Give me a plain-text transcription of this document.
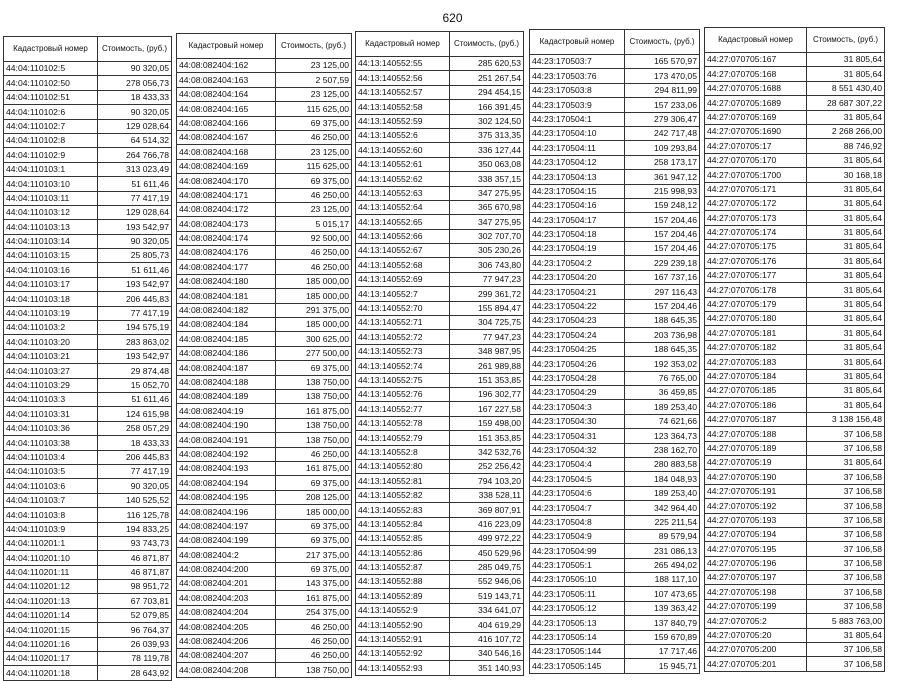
620
Кадастровый номер	Стоимость, (руб.)
44:04:110102:5	90 320,05
44:04:110102:50	278 056,73
44:04:110102:51	18 433,33
44:04:110102:6	90 320,05
44:04:110102:7	129 028,64
44:04:110102:8	64 514,32
44:04:110102:9	264 766,78
44:04:110103:1	313 023,49
44:04:110103:10	51 611,46
44:04:110103:11	77 417,19
44:04:110103:12	129 028,64
44:04:110103:13	193 542,97
44:04:110103:14	90 320,05
44:04:110103:15	25 805,73
44:04:110103:16	51 611,46
44:04:110103:17	193 542,97
44:04:110103:18	206 445,83
44:04:110103:19	77 417,19
44:04:110103:2	194 575,19
44:04:110103:20	283 863,02
44:04:110103:21	193 542,97
44:04:110103:27	29 874,48
44:04:110103:29	15 052,70
44:04:110103:3	51 611,46
44:04:110103:31	124 615,98
44:04:110103:36	258 057,29
44:04:110103:38	18 433,33
44:04:110103:4	206 445,83
44:04:110103:5	77 417,19
44:04:110103:6	90 320,05
44:04:110103:7	140 525,52
44:04:110103:8	116 125,78
44:04:110103:9	194 833,25
44:04:110201:1	93 743,73
44:04:110201:10	46 871,87
44:04:110201:11	46 871,87
44:04:110201:12	98 951,72
44:04:110201:13	67 703,81
44:04:110201:14	52 079,85
44:04:110201:15	96 764,37
44:04:110201:16	26 039,93
44:04:110201:17	78 119,78
44:04:110201:18	28 643,92
Кадастровый номер	Стоимость, (руб.)
44:08:082404:162	23 125,00
44:08:082404:163	2 507,59
44:08:082404:164	23 125,00
44:08:082404:165	115 625,00
44:08:082404:166	69 375,00
44:08:082404:167	46 250,00
44:08:082404:168	23 125,00
44:08:082404:169	115 625,00
44:08:082404:170	69 375,00
44:08:082404:171	46 250,00
44:08:082404:172	23 125,00
44:08:082404:173	5 015,17
44:08:082404:174	92 500,00
44:08:082404:176	46 250,00
44:08:082404:177	46 250,00
44:08:082404:180	185 000,00
44:08:082404:181	185 000,00
44:08:082404:182	291 375,00
44:08:082404:184	185 000,00
44:08:082404:185	300 625,00
44:08:082404:186	277 500,00
44:08:082404:187	69 375,00
44:08:082404:188	138 750,00
44:08:082404:189	138 750,00
44:08:082404:19	161 875,00
44:08:082404:190	138 750,00
44:08:082404:191	138 750,00
44:08:082404:192	46 250,00
44:08:082404:193	161 875,00
44:08:082404:194	69 375,00
44:08:082404:195	208 125,00
44:08:082404:196	185 000,00
44:08:082404:197	69 375,00
44:08:082404:199	69 375,00
44:08:082404:2	217 375,00
44:08:082404:200	69 375,00
44:08:082404:201	143 375,00
44:08:082404:203	161 875,00
44:08:082404:204	254 375,00
44:08:082404:205	46 250,00
44:08:082404:206	46 250,00
44:08:082404:207	46 250,00
44:08:082404:208	138 750,00
Кадастровый номер	Стоимость, (руб.)
44:13:140552:55	285 620,53
44:13:140552:56	251 267,54
44:13:140552:57	294 454,15
44:13:140552:58	166 391,45
44:13:140552:59	302 124,50
44:13:140552:6	375 313,35
44:13:140552:60	336 127,44
44:13:140552:61	350 063,08
44:13:140552:62	338 357,15
44:13:140552:63	347 275,95
44:13:140552:64	365 670,98
44:13:140552:65	347 275,95
44:13:140552:66	302 707,70
44:13:140552:67	305 230,26
44:13:140552:68	306 743,80
44:13:140552:69	77 947,23
44:13:140552:7	299 361,72
44:13:140552:70	155 894,47
44:13:140552:71	304 725,75
44:13:140552:72	77 947,23
44:13:140552:73	348 987,95
44:13:140552:74	261 989,88
44:13:140552:75	151 353,85
44:13:140552:76	196 302,77
44:13:140552:77	167 227,58
44:13:140552:78	159 498,00
44:13:140552:79	151 353,85
44:13:140552:8	342 532,76
44:13:140552:80	252 256,42
44:13:140552:81	794 103,20
44:13:140552:82	338 528,11
44:13:140552:83	369 807,91
44:13:140552:84	416 223,09
44:13:140552:85	499 972,22
44:13:140552:86	450 529,96
44:13:140552:87	285 049,75
44:13:140552:88	552 946,06
44:13:140552:89	519 143,71
44:13:140552:9	334 641,07
44:13:140552:90	404 619,29
44:13:140552:91	416 107,72
44:13:140552:92	340 546,16
44:13:140552:93	351 140,93
Кадастровый номер	Стоимость, (руб.)
44:23:170503:7	165 570,97
44:23:170503:76	173 470,05
44:23:170503:8	294 811,99
44:23:170503:9	157 233,06
44:23:170504:1	279 306,47
44:23:170504:10	242 717,48
44:23:170504:11	109 293,84
44:23:170504:12	258 173,17
44:23:170504:13	361 947,12
44:23:170504:15	215 998,93
44:23:170504:16	159 248,12
44:23:170504:17	157 204,46
44:23:170504:18	157 204,46
44:23:170504:19	157 204,46
44:23:170504:2	229 239,18
44:23:170504:20	167 737,16
44:23:170504:21	297 116,43
44:23:170504:22	157 204,46
44:23:170504:23	188 645,35
44:23:170504:24	203 736,98
44:23:170504:25	188 645,35
44:23:170504:26	192 353,02
44:23:170504:28	76 765,00
44:23:170504:29	36 459,85
44:23:170504:3	189 253,40
44:23:170504:30	74 621,66
44:23:170504:31	123 364,73
44:23:170504:32	238 162,70
44:23:170504:4	280 883,58
44:23:170504:5	184 048,93
44:23:170504:6	189 253,40
44:23:170504:7	342 964,40
44:23:170504:8	225 211,54
44:23:170504:9	89 579,94
44:23:170504:99	231 086,13
44:23:170505:1	265 494,02
44:23:170505:10	188 117,10
44:23:170505:11	107 473,65
44:23:170505:12	139 363,42
44:23:170505:13	137 840,79
44:23:170505:14	159 670,89
44:23:170505:144	17 717,46
44:23:170505:145	15 945,71
Кадастровый номер	Стоимость, (руб.)
44:27:070705:167	31 805,64
44:27:070705:168	31 805,64
44:27:070705:1688	8 551 430,40
44:27:070705:1689	28 687 307,22
44:27:070705:169	31 805,64
44:27:070705:1690	2 268 266,00
44:27:070705:17	88 746,92
44:27:070705:170	31 805,64
44:27:070705:1700	30 168,18
44:27:070705:171	31 805,64
44:27:070705:172	31 805,64
44:27:070705:173	31 805,64
44:27:070705:174	31 805,64
44:27:070705:175	31 805,64
44:27:070705:176	31 805,64
44:27:070705:177	31 805,64
44:27:070705:178	31 805,64
44:27:070705:179	31 805,64
44:27:070705:180	31 805,64
44:27:070705:181	31 805,64
44:27:070705:182	31 805,64
44:27:070705:183	31 805,64
44:27:070705:184	31 805,64
44:27:070705:185	31 805,64
44:27:070705:186	31 805,64
44:27:070705:187	3 138 156,48
44:27:070705:188	37 106,58
44:27:070705:189	37 106,58
44:27:070705:19	31 805,64
44:27:070705:190	37 106,58
44:27:070705:191	37 106,58
44:27:070705:192	37 106,58
44:27:070705:193	37 106,58
44:27:070705:194	37 106,58
44:27:070705:195	37 106,58
44:27:070705:196	37 106,58
44:27:070705:197	37 106,58
44:27:070705:198	37 106,58
44:27:070705:199	37 106,58
44:27:070705:2	5 883 763,00
44:27:070705:20	31 805,64
44:27:070705:200	37 106,58
44:27:070705:201	37 106,58
